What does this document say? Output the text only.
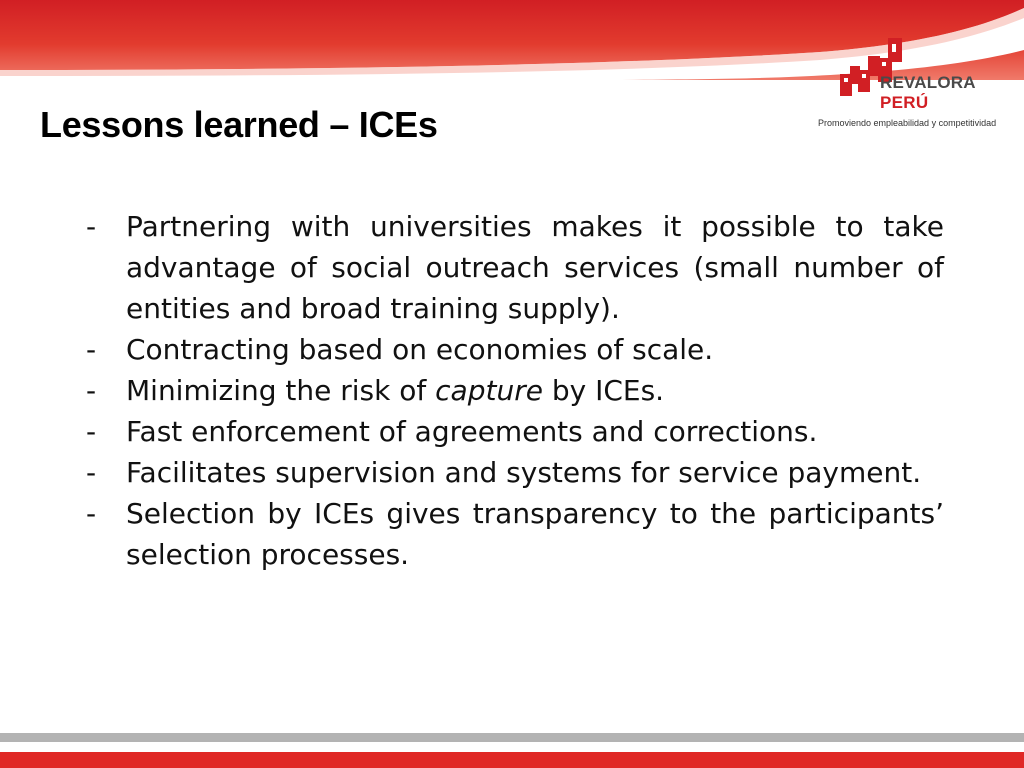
Lessons learned – ICEs
REVALORA
PERÚ
Promoviendo empleabilidad y competitividad
- Partnering with universities makes it possible to take advantage of social outreach services (small number of entities and broad training supply).
- Contracting based on economies of scale.
- Minimizing the risk of capture by ICEs.
- Fast enforcement of agreements and corrections.
- Facilitates supervision and systems for service payment.
- Selection by ICEs gives transparency to the participants’ selection processes.
